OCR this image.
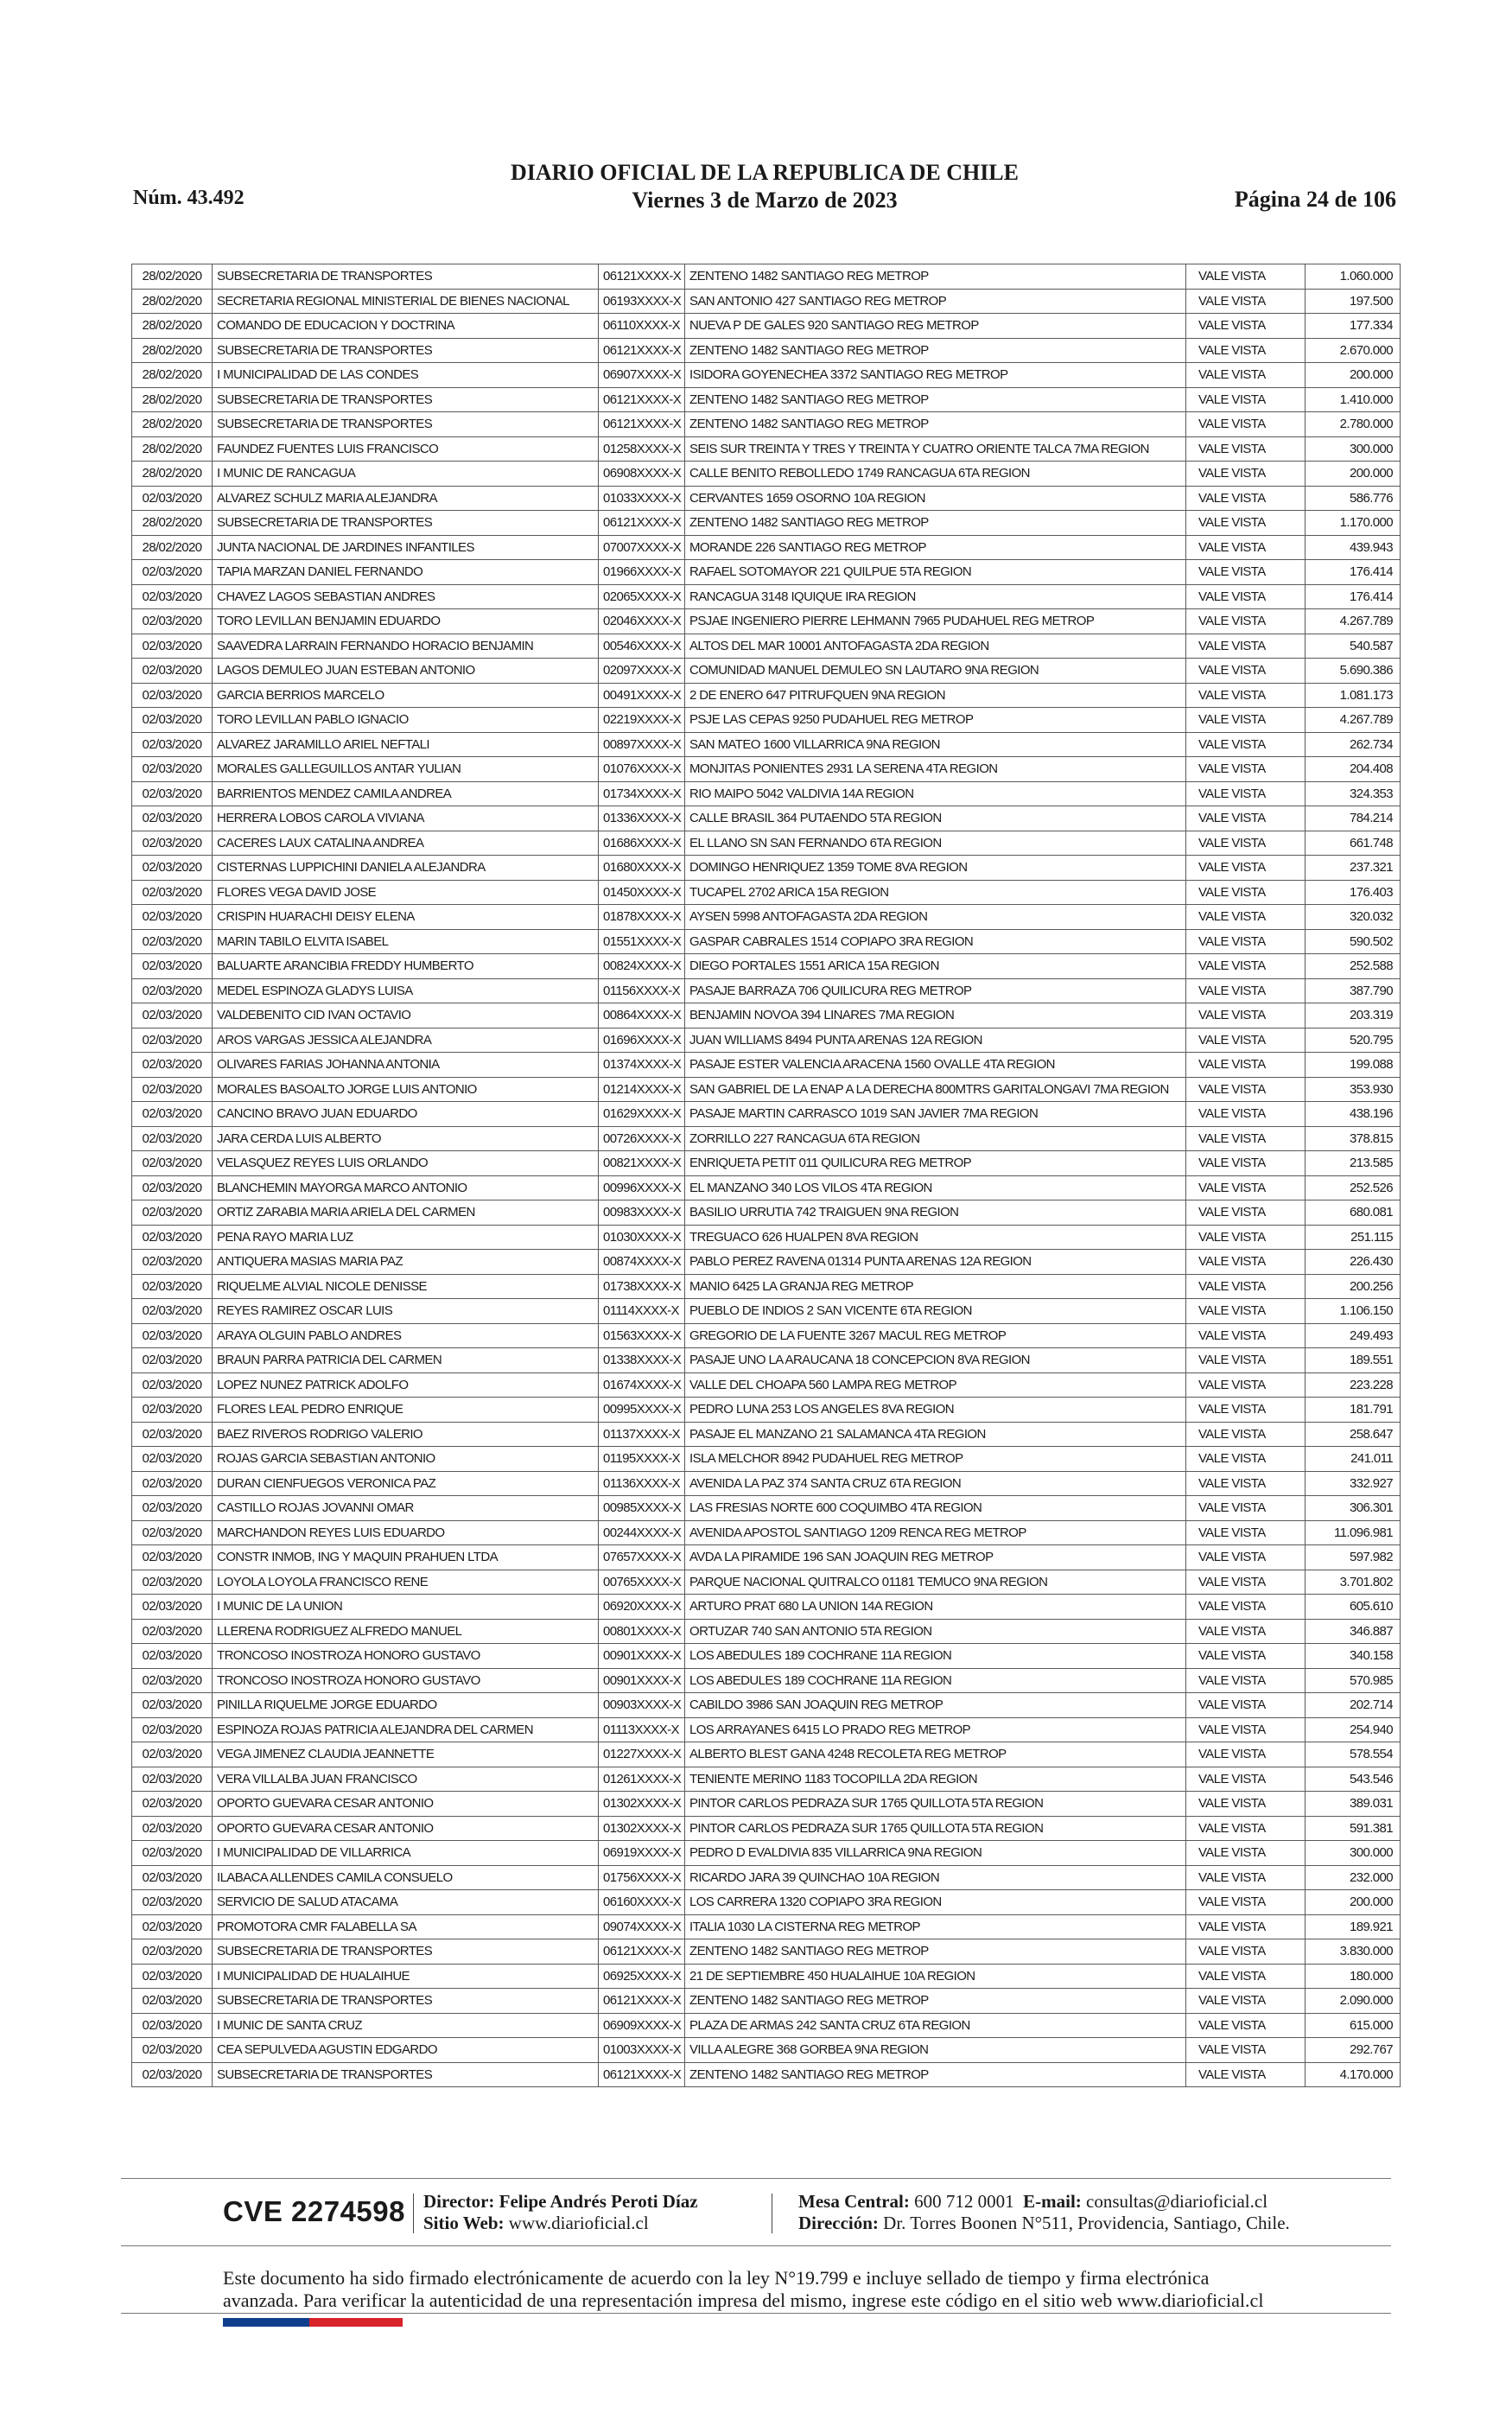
Núm. 43.492
DIARIO OFICIAL DE LA REPUBLICA DE CHILE
Viernes 3 de Marzo de 2023	Página 24 de 106
28/02/2020	SUBSECRETARIA DE TRANSPORTES	06121XXXX-X	ZENTENO 1482 SANTIAGO REG METROP	VALE VISTA	1.060.000
28/02/2020	SECRETARIA REGIONAL MINISTERIAL DE BIENES NACIONAL	06193XXXX-X	SAN ANTONIO 427 SANTIAGO REG METROP	VALE VISTA	197.500
28/02/2020	COMANDO DE EDUCACION Y DOCTRINA	06110XXXX-X	NUEVA P DE GALES 920 SANTIAGO REG METROP	VALE VISTA	177.334
28/02/2020	SUBSECRETARIA DE TRANSPORTES	06121XXXX-X	ZENTENO 1482 SANTIAGO REG METROP	VALE VISTA	2.670.000
28/02/2020	I MUNICIPALIDAD DE LAS CONDES	06907XXXX-X	ISIDORA GOYENECHEA 3372 SANTIAGO REG METROP	VALE VISTA	200.000
28/02/2020	SUBSECRETARIA DE TRANSPORTES	06121XXXX-X	ZENTENO 1482 SANTIAGO REG METROP	VALE VISTA	1.410.000
28/02/2020	SUBSECRETARIA DE TRANSPORTES	06121XXXX-X	ZENTENO 1482 SANTIAGO REG METROP	VALE VISTA	2.780.000
28/02/2020	FAUNDEZ FUENTES LUIS FRANCISCO	01258XXXX-X	SEIS SUR TREINTA Y TRES Y TREINTA Y CUATRO ORIENTE TALCA 7MA REGION	VALE VISTA	300.000
28/02/2020	I MUNIC DE RANCAGUA	06908XXXX-X	CALLE BENITO REBOLLEDO 1749 RANCAGUA 6TA REGION	VALE VISTA	200.000
02/03/2020	ALVAREZ SCHULZ MARIA ALEJANDRA	01033XXXX-X	CERVANTES 1659 OSORNO 10A REGION	VALE VISTA	586.776
28/02/2020	SUBSECRETARIA DE TRANSPORTES	06121XXXX-X	ZENTENO 1482 SANTIAGO REG METROP	VALE VISTA	1.170.000
28/02/2020	JUNTA NACIONAL DE JARDINES INFANTILES	07007XXXX-X	MORANDE 226 SANTIAGO REG METROP	VALE VISTA	439.943
02/03/2020	TAPIA MARZAN DANIEL FERNANDO	01966XXXX-X	RAFAEL SOTOMAYOR 221 QUILPUE 5TA REGION	VALE VISTA	176.414
02/03/2020	CHAVEZ LAGOS SEBASTIAN ANDRES	02065XXXX-X	RANCAGUA 3148 IQUIQUE IRA REGION	VALE VISTA	176.414
02/03/2020	TORO LEVILLAN BENJAMIN EDUARDO	02046XXXX-X	PSJAE INGENIERO PIERRE LEHMANN 7965 PUDAHUEL REG METROP	VALE VISTA	4.267.789
02/03/2020	SAAVEDRA LARRAIN FERNANDO HORACIO BENJAMIN	00546XXXX-X	ALTOS DEL MAR 10001 ANTOFAGASTA 2DA REGION	VALE VISTA	540.587
02/03/2020	LAGOS DEMULEO JUAN ESTEBAN ANTONIO	02097XXXX-X	COMUNIDAD MANUEL DEMULEO SN LAUTARO 9NA REGION	VALE VISTA	5.690.386
02/03/2020	GARCIA BERRIOS MARCELO	00491XXXX-X	2 DE ENERO 647 PITRUFQUEN 9NA REGION	VALE VISTA	1.081.173
02/03/2020	TORO LEVILLAN PABLO IGNACIO	02219XXXX-X	PSJE LAS CEPAS 9250 PUDAHUEL REG METROP	VALE VISTA	4.267.789
02/03/2020	ALVAREZ JARAMILLO ARIEL NEFTALI	00897XXXX-X	SAN MATEO 1600 VILLARRICA 9NA REGION	VALE VISTA	262.734
02/03/2020	MORALES GALLEGUILLOS ANTAR YULIAN	01076XXXX-X	MONJITAS PONIENTES 2931 LA SERENA 4TA REGION	VALE VISTA	204.408
02/03/2020	BARRIENTOS MENDEZ CAMILA ANDREA	01734XXXX-X	RIO MAIPO 5042 VALDIVIA 14A REGION	VALE VISTA	324.353
02/03/2020	HERRERA LOBOS CAROLA VIVIANA	01336XXXX-X	CALLE BRASIL 364 PUTAENDO 5TA REGION	VALE VISTA	784.214
02/03/2020	CACERES LAUX CATALINA ANDREA	01686XXXX-X	EL LLANO SN SAN FERNANDO 6TA REGION	VALE VISTA	661.748
02/03/2020	CISTERNAS LUPPICHINI DANIELA ALEJANDRA	01680XXXX-X	DOMINGO HENRIQUEZ 1359 TOME 8VA REGION	VALE VISTA	237.321
02/03/2020	FLORES VEGA DAVID JOSE	01450XXXX-X	TUCAPEL 2702 ARICA 15A REGION	VALE VISTA	176.403
02/03/2020	CRISPIN HUARACHI DEISY ELENA	01878XXXX-X	AYSEN 5998 ANTOFAGASTA 2DA REGION	VALE VISTA	320.032
02/03/2020	MARIN TABILO ELVITA ISABEL	01551XXXX-X	GASPAR CABRALES 1514 COPIAPO 3RA REGION	VALE VISTA	590.502
02/03/2020	BALUARTE ARANCIBIA FREDDY HUMBERTO	00824XXXX-X	DIEGO PORTALES 1551 ARICA 15A REGION	VALE VISTA	252.588
02/03/2020	MEDEL ESPINOZA GLADYS LUISA	01156XXXX-X	PASAJE BARRAZA 706 QUILICURA REG METROP	VALE VISTA	387.790
02/03/2020	VALDEBENITO CID IVAN OCTAVIO	00864XXXX-X	BENJAMIN NOVOA 394 LINARES 7MA REGION	VALE VISTA	203.319
02/03/2020	AROS VARGAS JESSICA ALEJANDRA	01696XXXX-X	JUAN WILLIAMS 8494 PUNTA ARENAS 12A REGION	VALE VISTA	520.795
02/03/2020	OLIVARES FARIAS JOHANNA ANTONIA	01374XXXX-X	PASAJE ESTER VALENCIA ARACENA 1560 OVALLE 4TA REGION	VALE VISTA	199.088
02/03/2020	MORALES BASOALTO JORGE LUIS ANTONIO	01214XXXX-X	SAN GABRIEL DE LA ENAP A LA DERECHA 800MTRS GARITALONGAVI 7MA REGION	VALE VISTA	353.930
02/03/2020	CANCINO BRAVO JUAN EDUARDO	01629XXXX-X	PASAJE MARTIN CARRASCO 1019 SAN JAVIER 7MA REGION	VALE VISTA	438.196
02/03/2020	JARA CERDA LUIS ALBERTO	00726XXXX-X	ZORRILLO 227 RANCAGUA 6TA REGION	VALE VISTA	378.815
02/03/2020	VELASQUEZ REYES LUIS ORLANDO	00821XXXX-X	ENRIQUETA PETIT 011 QUILICURA REG METROP	VALE VISTA	213.585
02/03/2020	BLANCHEMIN MAYORGA MARCO ANTONIO	00996XXXX-X	EL MANZANO 340 LOS VILOS 4TA REGION	VALE VISTA	252.526
02/03/2020	ORTIZ ZARABIA MARIA ARIELA DEL CARMEN	00983XXXX-X	BASILIO URRUTIA 742 TRAIGUEN 9NA REGION	VALE VISTA	680.081
02/03/2020	PENA RAYO MARIA LUZ	01030XXXX-X	TREGUACO 626 HUALPEN 8VA REGION	VALE VISTA	251.115
02/03/2020	ANTIQUERA MASIAS MARIA PAZ	00874XXXX-X	PABLO PEREZ RAVENA 01314 PUNTA ARENAS 12A REGION	VALE VISTA	226.430
02/03/2020	RIQUELME ALVIAL NICOLE DENISSE	01738XXXX-X	MANIO 6425 LA GRANJA REG METROP	VALE VISTA	200.256
02/03/2020	REYES RAMIREZ OSCAR LUIS	01114XXXX-X	PUEBLO DE INDIOS 2 SAN VICENTE 6TA REGION	VALE VISTA	1.106.150
02/03/2020	ARAYA OLGUIN PABLO ANDRES	01563XXXX-X	GREGORIO DE LA FUENTE 3267 MACUL REG METROP	VALE VISTA	249.493
02/03/2020	BRAUN PARRA PATRICIA DEL CARMEN	01338XXXX-X	PASAJE UNO LA ARAUCANA 18 CONCEPCION 8VA REGION	VALE VISTA	189.551
02/03/2020	LOPEZ NUNEZ PATRICK ADOLFO	01674XXXX-X	VALLE DEL CHOAPA 560 LAMPA REG METROP	VALE VISTA	223.228
02/03/2020	FLORES LEAL PEDRO ENRIQUE	00995XXXX-X	PEDRO LUNA 253 LOS ANGELES 8VA REGION	VALE VISTA	181.791
02/03/2020	BAEZ RIVEROS RODRIGO VALERIO	01137XXXX-X	PASAJE EL MANZANO 21 SALAMANCA 4TA REGION	VALE VISTA	258.647
02/03/2020	ROJAS GARCIA SEBASTIAN ANTONIO	01195XXXX-X	ISLA MELCHOR 8942 PUDAHUEL REG METROP	VALE VISTA	241.011
02/03/2020	DURAN CIENFUEGOS VERONICA PAZ	01136XXXX-X	AVENIDA LA PAZ 374 SANTA CRUZ 6TA REGION	VALE VISTA	332.927
02/03/2020	CASTILLO ROJAS JOVANNI OMAR	00985XXXX-X	LAS FRESIAS NORTE 600 COQUIMBO 4TA REGION	VALE VISTA	306.301
02/03/2020	MARCHANDON REYES LUIS EDUARDO	00244XXXX-X	AVENIDA APOSTOL SANTIAGO 1209 RENCA REG METROP	VALE VISTA	11.096.981
02/03/2020	CONSTR INMOB, ING Y MAQUIN PRAHUEN LTDA	07657XXXX-X	AVDA LA PIRAMIDE 196 SAN JOAQUIN REG METROP	VALE VISTA	597.982
02/03/2020	LOYOLA LOYOLA FRANCISCO RENE	00765XXXX-X	PARQUE NACIONAL QUITRALCO 01181 TEMUCO 9NA REGION	VALE VISTA	3.701.802
02/03/2020	I MUNIC DE LA UNION	06920XXXX-X	ARTURO PRAT 680 LA UNION 14A REGION	VALE VISTA	605.610
02/03/2020	LLERENA RODRIGUEZ ALFREDO MANUEL	00801XXXX-X	ORTUZAR 740 SAN ANTONIO 5TA REGION	VALE VISTA	346.887
02/03/2020	TRONCOSO INOSTROZA HONORO GUSTAVO	00901XXXX-X	LOS ABEDULES 189 COCHRANE 11A REGION	VALE VISTA	340.158
02/03/2020	TRONCOSO INOSTROZA HONORO GUSTAVO	00901XXXX-X	LOS ABEDULES 189 COCHRANE 11A REGION	VALE VISTA	570.985
02/03/2020	PINILLA RIQUELME JORGE EDUARDO	00903XXXX-X	CABILDO 3986 SAN JOAQUIN REG METROP	VALE VISTA	202.714
02/03/2020	ESPINOZA ROJAS PATRICIA ALEJANDRA DEL CARMEN	01113XXXX-X	LOS ARRAYANES 6415 LO PRADO REG METROP	VALE VISTA	254.940
02/03/2020	VEGA JIMENEZ CLAUDIA JEANNETTE	01227XXXX-X	ALBERTO BLEST GANA 4248 RECOLETA REG METROP	VALE VISTA	578.554
02/03/2020	VERA VILLALBA JUAN FRANCISCO	01261XXXX-X	TENIENTE MERINO 1183 TOCOPILLA 2DA REGION	VALE VISTA	543.546
02/03/2020	OPORTO GUEVARA CESAR ANTONIO	01302XXXX-X	PINTOR CARLOS PEDRAZA SUR 1765 QUILLOTA 5TA REGION	VALE VISTA	389.031
02/03/2020	OPORTO GUEVARA CESAR ANTONIO	01302XXXX-X	PINTOR CARLOS PEDRAZA SUR 1765 QUILLOTA 5TA REGION	VALE VISTA	591.381
02/03/2020	I MUNICIPALIDAD DE VILLARRICA	06919XXXX-X	PEDRO D EVALDIVIA 835 VILLARRICA 9NA REGION	VALE VISTA	300.000
02/03/2020	ILABACA ALLENDES CAMILA CONSUELO	01756XXXX-X	RICARDO JARA 39 QUINCHAO 10A REGION	VALE VISTA	232.000
02/03/2020	SERVICIO DE SALUD ATACAMA	06160XXXX-X	LOS CARRERA 1320 COPIAPO 3RA REGION	VALE VISTA	200.000
02/03/2020	PROMOTORA CMR FALABELLA SA	09074XXXX-X	ITALIA 1030 LA CISTERNA REG METROP	VALE VISTA	189.921
02/03/2020	SUBSECRETARIA DE TRANSPORTES	06121XXXX-X	ZENTENO 1482 SANTIAGO REG METROP	VALE VISTA	3.830.000
02/03/2020	I MUNICIPALIDAD DE HUALAIHUE	06925XXXX-X	21 DE SEPTIEMBRE 450 HUALAIHUE 10A REGION	VALE VISTA	180.000
02/03/2020	SUBSECRETARIA DE TRANSPORTES	06121XXXX-X	ZENTENO 1482 SANTIAGO REG METROP	VALE VISTA	2.090.000
02/03/2020	I MUNIC DE SANTA CRUZ	06909XXXX-X	PLAZA DE ARMAS 242 SANTA CRUZ 6TA REGION	VALE VISTA	615.000
02/03/2020	CEA SEPULVEDA AGUSTIN EDGARDO	01003XXXX-X	VILLA ALEGRE 368 GORBEA 9NA REGION	VALE VISTA	292.767
02/03/2020	SUBSECRETARIA DE TRANSPORTES	06121XXXX-X	ZENTENO 1482 SANTIAGO REG METROP	VALE VISTA	4.170.000
CVE 2274598 Director: Felipe Andrés Peroti Díaz
Sitio Web: www.diarioficial.cl
Mesa Central: 600 712 0001 E-mail: consultas@diarioficial.cl
Dirección: Dr. Torres Boonen N°511, Providencia, Santiago, Chile.
Este documento ha sido firmado electrónicamente de acuerdo con la ley N°19.799 e incluye sellado de tiempo y firma electrónica
avanzada. Para verificar la autenticidad de una representación impresa del mismo, ingrese este código en el sitio web www.diarioficial.cl
